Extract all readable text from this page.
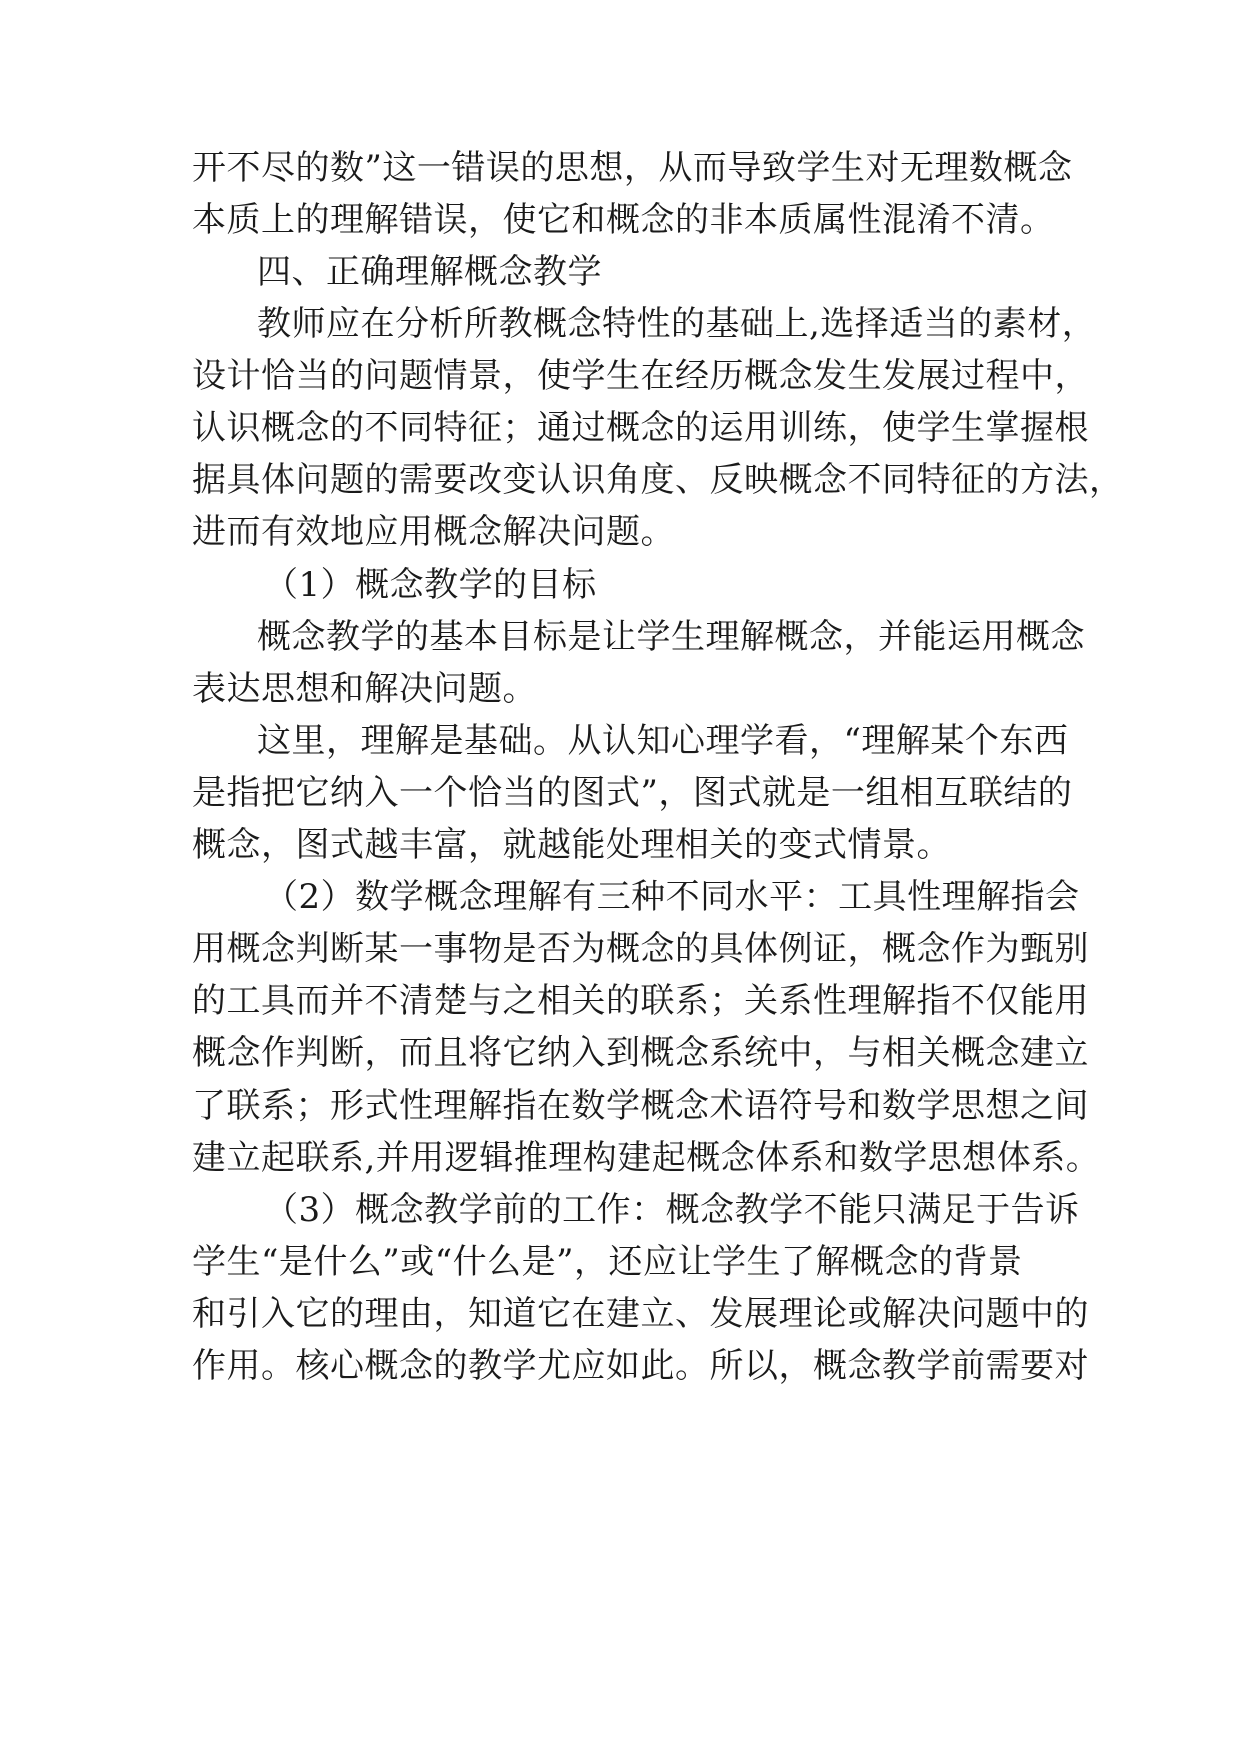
开不尽的数”这一错误的思想，从而导致学生对无理数概念
本质上的理解错误，使它和概念的非本质属性混淆不清。
四、正确理解概念教学
教师应在分析所教概念特性的基础上,选择适当的素材，
设计恰当的问题情景，使学生在经历概念发生发展过程中，
认识概念的不同特征；通过概念的运用训练，使学生掌握根
据具体问题的需要改变认识角度、反映概念不同特征的方法，
进而有效地应用概念解决问题。
（1）概念教学的目标
概念教学的基本目标是让学生理解概念，并能运用概念
表达思想和解决问题。
这里，理解是基础。从认知心理学看，“理解某个东西
是指把它纳入一个恰当的图式”，图式就是一组相互联结的
概念，图式越丰富，就越能处理相关的变式情景。
（2）数学概念理解有三种不同水平：工具性理解指会
用概念判断某一事物是否为概念的具体例证，概念作为甄别
的工具而并不清楚与之相关的联系；关系性理解指不仅能用
概念作判断，而且将它纳入到概念系统中，与相关概念建立
了联系；形式性理解指在数学概念术语符号和数学思想之间
建立起联系,并用逻辑推理构建起概念体系和数学思想体系。
（3）概念教学前的工作：概念教学不能只满足于告诉
学生“是什么”或“什么是”，还应让学生了解概念的背景
和引入它的理由，知道它在建立、发展理论或解决问题中的
作用。核心概念的教学尤应如此。所以，概念教学前需要对
